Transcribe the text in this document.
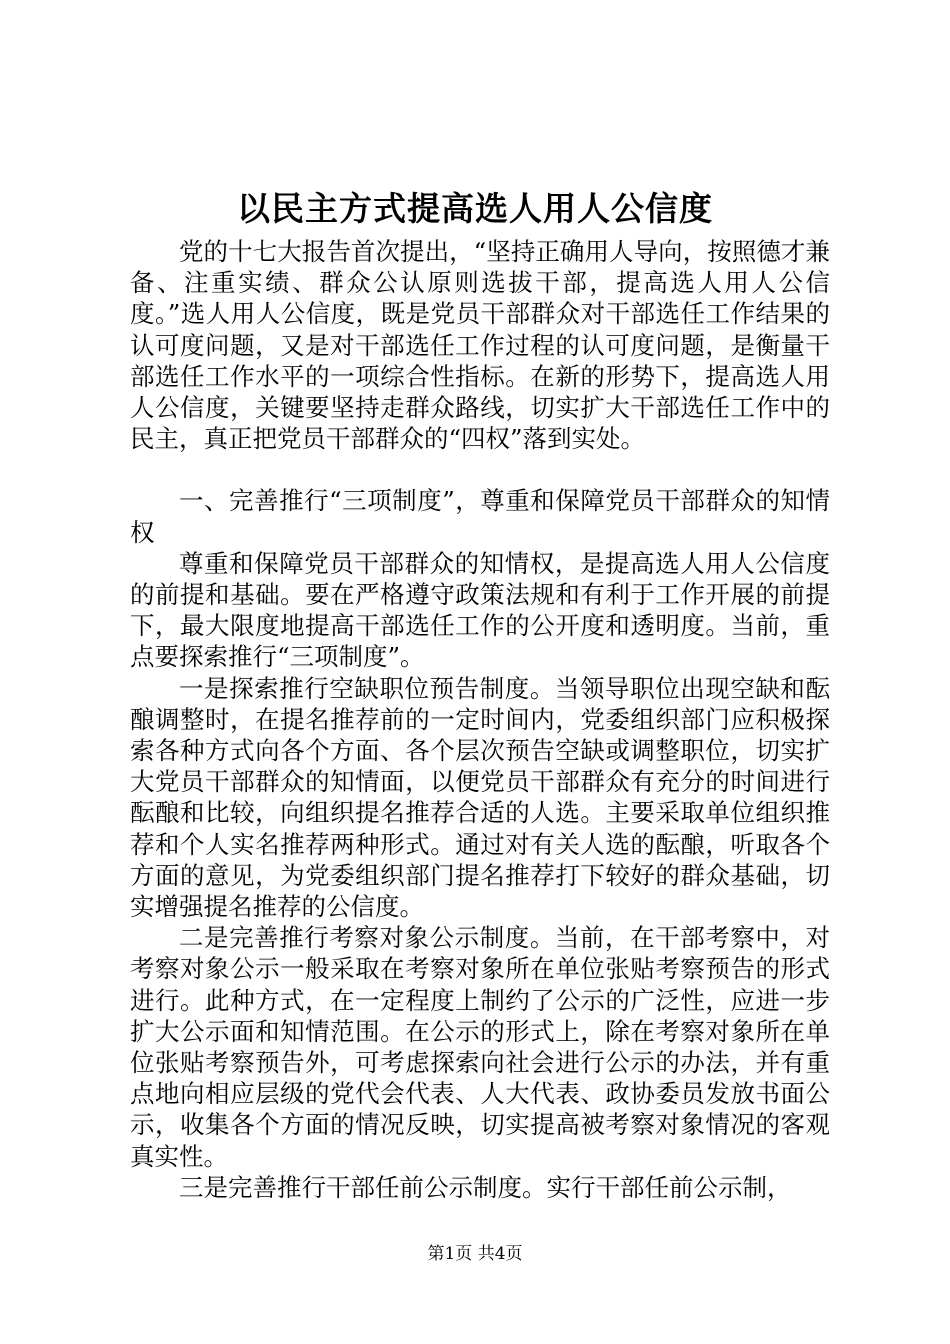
以民主方式提高选人用人公信度

党的十七大报告首次提出，“坚持正确用人导向，按照德才兼备、注重实绩、群众公认原则选拔干部，提高选人用人公信度。”选人用人公信度，既是党员干部群众对干部选任工作结果的认可度问题，又是对干部选任工作过程的认可度问题，是衡量干部选任工作水平的一项综合性指标。在新的形势下，提高选人用人公信度，关键要坚持走群众路线，切实扩大干部选任工作中的民主，真正把党员干部群众的“四权”落到实处。

一、完善推行“三项制度”，尊重和保障党员干部群众的知情权

尊重和保障党员干部群众的知情权，是提高选人用人公信度的前提和基础。要在严格遵守政策法规和有利于工作开展的前提下，最大限度地提高干部选任工作的公开度和透明度。当前，重点要探索推行“三项制度”。

一是探索推行空缺职位预告制度。当领导职位出现空缺和酝酿调整时，在提名推荐前的一定时间内，党委组织部门应积极探索各种方式向各个方面、各个层次预告空缺或调整职位，切实扩大党员干部群众的知情面，以便党员干部群众有充分的时间进行酝酿和比较，向组织提名推荐合适的人选。主要采取单位组织推荐和个人实名推荐两种形式。通过对有关人选的酝酿，听取各个方面的意见，为党委组织部门提名推荐打下较好的群众基础，切实增强提名推荐的公信度。

二是完善推行考察对象公示制度。当前，在干部考察中，对考察对象公示一般采取在考察对象所在单位张贴考察预告的形式进行。此种方式，在一定程度上制约了公示的广泛性，应进一步扩大公示面和知情范围。在公示的形式上，除在考察对象所在单位张贴考察预告外，可考虑探索向社会进行公示的办法，并有重点地向相应层级的党代会代表、人大代表、政协委员发放书面公示，收集各个方面的情况反映，切实提高被考察对象情况的客观真实性。

三是完善推行干部任前公示制度。实行干部任前公示制，

第1页 共4页
